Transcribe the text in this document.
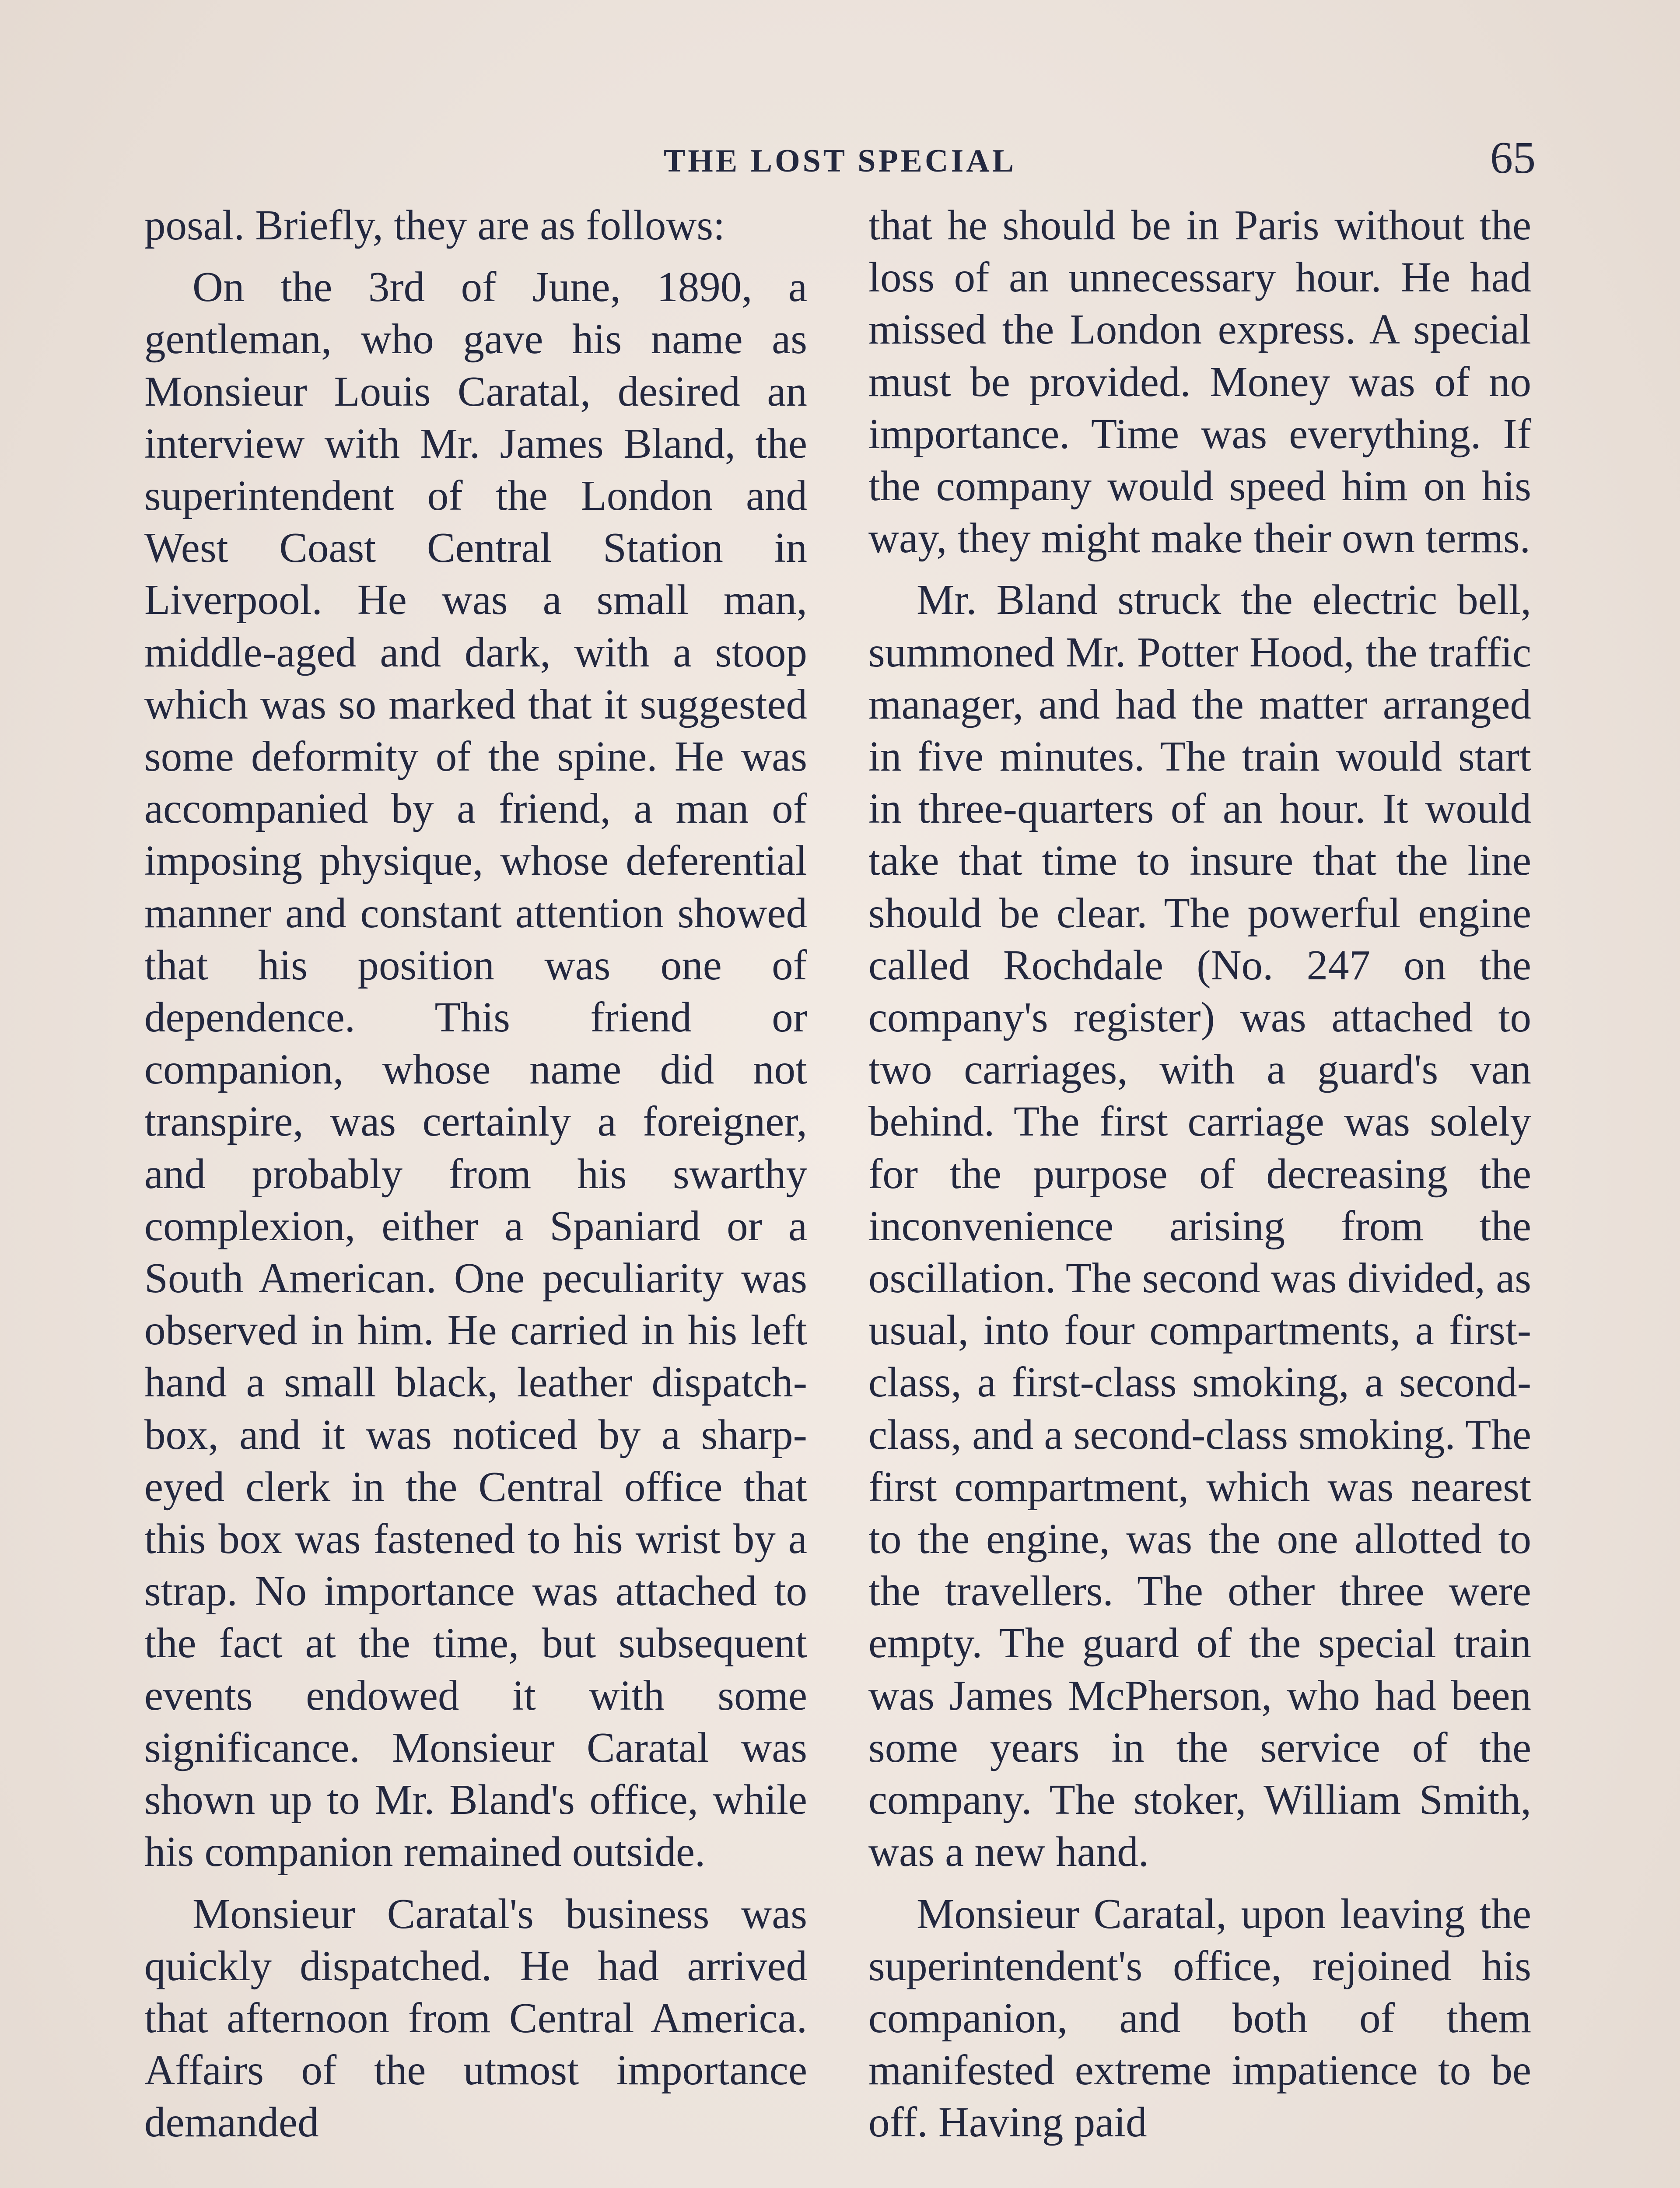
THE LOST SPECIAL	65

posal. Briefly, they are as follows:

On the 3rd of June, 1890, a gentleman, who gave his name as Monsieur Louis Caratal, desired an interview with Mr. James Bland, the superintendent of the London and West Coast Central Station in Liverpool. He was a small man, middle-aged and dark, with a stoop which was so marked that it suggested some deformity of the spine. He was accompanied by a friend, a man of imposing physique, whose deferential manner and constant attention showed that his position was one of dependence. This friend or companion, whose name did not transpire, was certainly a foreigner, and probably from his swarthy complexion, either a Spaniard or a South American. One peculiarity was observed in him. He carried in his left hand a small black, leather dispatch-box, and it was noticed by a sharp-eyed clerk in the Central office that this box was fastened to his wrist by a strap. No importance was attached to the fact at the time, but subsequent events endowed it with some significance. Monsieur Caratal was shown up to Mr. Bland's office, while his companion remained outside.

Monsieur Caratal's business was quickly dispatched. He had arrived that afternoon from Central America. Affairs of the utmost importance demanded

that he should be in Paris without the loss of an unnecessary hour. He had missed the London express. A special must be provided. Money was of no importance. Time was everything. If the company would speed him on his way, they might make their own terms.

Mr. Bland struck the electric bell, summoned Mr. Potter Hood, the traffic manager, and had the matter arranged in five minutes. The train would start in three-quarters of an hour. It would take that time to insure that the line should be clear. The powerful engine called Rochdale (No. 247 on the company's register) was attached to two carriages, with a guard's van behind. The first carriage was solely for the purpose of decreasing the inconvenience arising from the oscillation. The second was divided, as usual, into four compartments, a first-class, a first-class smoking, a second-class, and a second-class smoking. The first compartment, which was nearest to the engine, was the one allotted to the travellers. The other three were empty. The guard of the special train was James McPherson, who had been some years in the service of the company. The stoker, William Smith, was a new hand.

Monsieur Caratal, upon leaving the superintendent's office, rejoined his companion, and both of them manifested extreme impatience to be off. Having paid
